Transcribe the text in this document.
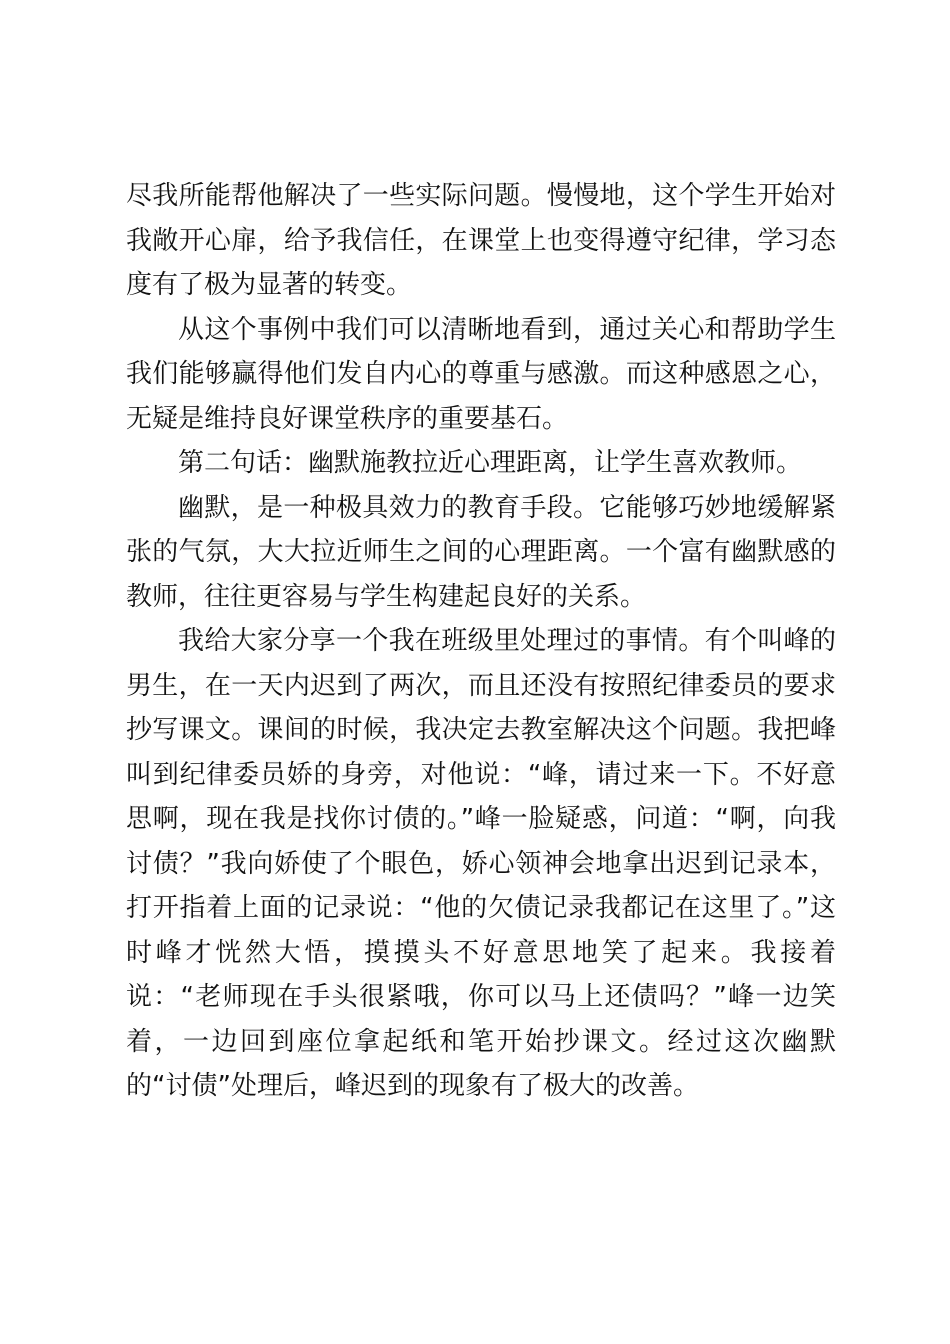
尽我所能帮他解决了一些实际问题。慢慢地，这个学生开始对我敞开心扉，给予我信任，在课堂上也变得遵守纪律，学习态度有了极为显著的转变。

从这个事例中我们可以清晰地看到，通过关心和帮助学生我们能够赢得他们发自内心的尊重与感激。而这种感恩之心，无疑是维持良好课堂秩序的重要基石。

第二句话：幽默施教拉近心理距离，让学生喜欢教师。

幽默，是一种极具效力的教育手段。它能够巧妙地缓解紧张的气氛，大大拉近师生之间的心理距离。一个富有幽默感的教师，往往更容易与学生构建起良好的关系。

我给大家分享一个我在班级里处理过的事情。有个叫峰的男生，在一天内迟到了两次，而且还没有按照纪律委员的要求抄写课文。课间的时候，我决定去教室解决这个问题。我把峰叫到纪律委员娇的身旁，对他说：“峰，请过来一下。不好意思啊，现在我是找你讨债的。”峰一脸疑惑，问道：“啊，向我讨债？”我向娇使了个眼色，娇心领神会地拿出迟到记录本，打开指着上面的记录说：“他的欠债记录我都记在这里了。”这时峰才恍然大悟，摸摸头不好意思地笑了起来。我接着说：“老师现在手头很紧哦，你可以马上还债吗？”峰一边笑着，一边回到座位拿起纸和笔开始抄课文。经过这次幽默的“讨债”处理后，峰迟到的现象有了极大的改善。
